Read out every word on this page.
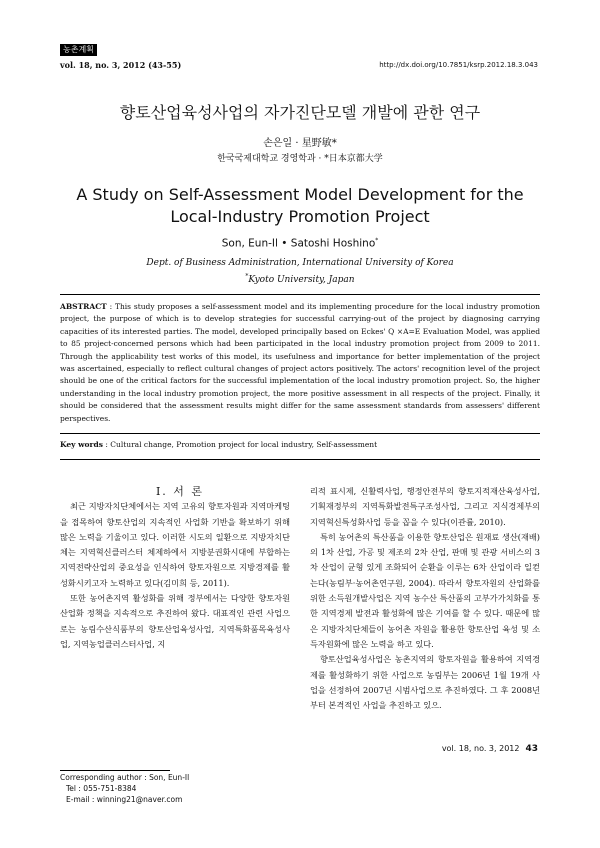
농촌계획
vol. 18, no. 3, 2012 (43-55)	http://dx.doi.org/10.7851/ksrp.2012.18.3.043
향토산업육성사업의 자가진단모델 개발에 관한 연구
손은일 · 星野敏*
한국국제대학교 경영학과 · *日本京都大学
A Study on Self-Assessment Model Development for the
Local-Industry Promotion Project
Son, Eun-Il • Satoshi Hoshino*
Dept. of Business Administration, International University of Korea
*Kyoto University, Japan
ABSTRACT : This study proposes a self-assessment model and its implementing procedure for the local industry promotion project, the purpose of which is to develop strategies for successful carrying-out of the project by diagnosing carrying capacities of its interested parties. The model, developed principally based on Eckes' Q ×A=E Evaluation Model, was applied to 85 project-concerned persons which had been participated in the local industry promotion project from 2009 to 2011. Through the applicability test works of this model, its usefulness and importance for better implementation of the project was ascertained, especially to reflect cultural changes of project actors positively. The actors' recognition level of the project should be one of the critical factors for the successful implementation of the local industry promotion project. So, the higher understanding in the local industry promotion project, the more positive assessment in all respects of the project. Finally, it should be considered that the assessment results might differ for the same assessment standards from assessers' different perspectives.
Key words : Cultural change, Promotion project for local industry, Self-assessment

Ⅰ. 서 론

최근 지방자치단체에서는 지역 고유의 향토자원과 지역마케팅을 접목하여 향토산업의 지속적인 사업화 기반을 확보하기 위해 많은 노력을 기울이고 있다. 이러한 시도의 일환으로 지방자치단체는 지역혁신클러스터 체제하에서 지방분권화시대에 부합하는 지역전략산업의 중요성을 인식하여 향토자원으로 지방경제를 활성화시키고자 노력하고 있다(김미희 등, 2011).

또한 농어촌지역 활성화를 위해 정부에서는 다양한 향토자원 산업화 정책을 지속적으로 추진하여 왔다. 대표적인 관련 사업으로는 농림수산식품부의 향토산업육성사업, 지역특화품목육성사업, 지역농업클러스터사업, 지

리적 표시제, 신활력사업, 행정안전부의 향토지적재산육성사업, 기획재정부의 지역특화발전특구조성사업, 그리고 지식경제부의 지역혁신특성화사업 등을 꼽을 수 있다(이관률, 2010).

특히 농어촌의 특산품을 이용한 향토산업은 원재료 생산(재배)의 1차 산업, 가공 및 제조의 2차 산업, 판매 및 관광 서비스의 3차 산업이 균형 있게 조화되어 순환을 이루는 6차 산업이라 일컫는다(농림부·농어촌연구원, 2004). 따라서 향토자원의 산업화를 위한 소득원개발사업은 지역 농수산 특산품의 고부가가치화를 통한 지역경제 발전과 활성화에 많은 기여를 할 수 있다. 때문에 많은 지방자치단체들이 농어촌 자원을 활용한 향토산업 육성 및 소득자원화에 많은 노력을 하고 있다.

향토산업육성사업은 농촌지역의 향토자원을 활용하여 지역경제를 활성화하기 위한 사업으로 농림부는 2006년 1월 19개 사업을 선정하여 2007년 시범사업으로 추진하였다. 그 후 2008년부터 본격적인 사업을 추진하고 있으.

Corresponding author : Son, Eun-Il
Tel : 055-751-8384
E-mail : winning21@naver.com
vol. 18, no. 3, 2012 43
